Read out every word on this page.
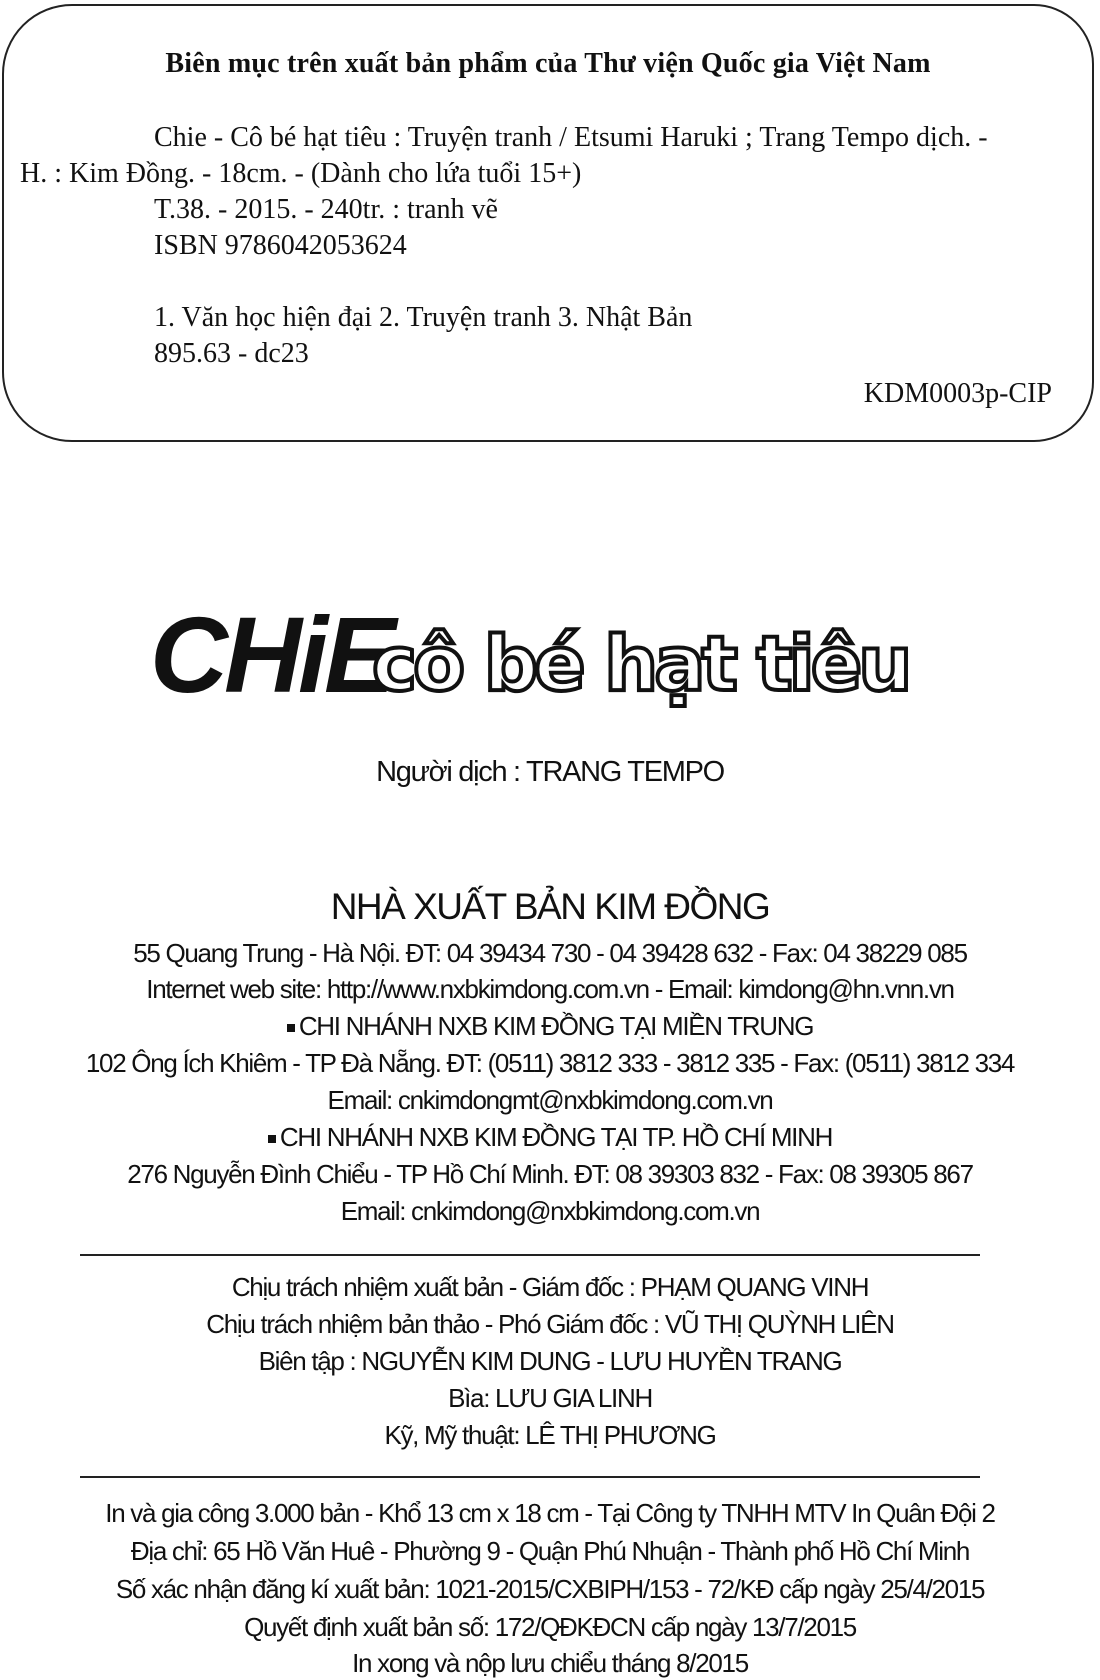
Biên mục trên xuất bản phẩm của Thư viện Quốc gia Việt Nam
Chie - Cô bé hạt tiêu : Truyện tranh / Etsumi Haruki ; Trang Tempo dịch. -
H. : Kim Đồng. - 18cm. - (Dành cho lứa tuổi 15+)
T.38. - 2015. - 240tr. : tranh vẽ
ISBN 9786042053624
1. Văn học hiện đại 2. Truyện tranh 3. Nhật Bản
895.63 - dc23
KDM0003p-CIP
CHiE
cô bé hạt tiêu
Người dịch : TRANG TEMPO
NHÀ XUẤT BẢN KIM ĐỒNG
55 Quang Trung - Hà Nội. ĐT: 04 39434 730 - 04 39428 632 - Fax: 04 38229 085
Internet web site: http://www.nxbkimdong.com.vn - Email: kimdong@hn.vnn.vn
CHI NHÁNH NXB KIM ĐỒNG TẠI MIỀN TRUNG
102 Ông Ích Khiêm - TP Đà Nẵng. ĐT: (0511) 3812 333 - 3812 335 - Fax: (0511) 3812 334
Email: cnkimdongmt@nxbkimdong.com.vn
CHI NHÁNH NXB KIM ĐỒNG TẠI TP. HỒ CHÍ MINH
276 Nguyễn Đình Chiểu - TP Hồ Chí Minh. ĐT: 08 39303 832 - Fax: 08 39305 867
Email: cnkimdong@nxbkimdong.com.vn
Chịu trách nhiệm xuất bản - Giám đốc : PHẠM QUANG VINH
Chịu trách nhiệm bản thảo - Phó Giám đốc : VŨ THỊ QUỲNH LIÊN
Biên tập : NGUYỄN KIM DUNG - LƯU HUYỀN TRANG
Bìa: LƯU GIA LINH
Kỹ, Mỹ thuật: LÊ THỊ PHƯƠNG
In và gia công 3.000 bản - Khổ 13 cm x 18 cm - Tại Công ty TNHH MTV In Quân Đội 2
Địa chỉ: 65 Hồ Văn Huê - Phường 9 - Quận Phú Nhuận - Thành phố Hồ Chí Minh
Số xác nhận đăng kí xuất bản: 1021-2015/CXBIPH/153 - 72/KĐ cấp ngày 25/4/2015
Quyết định xuất bản số: 172/QĐKĐCN cấp ngày 13/7/2015
In xong và nộp lưu chiểu tháng 8/2015
